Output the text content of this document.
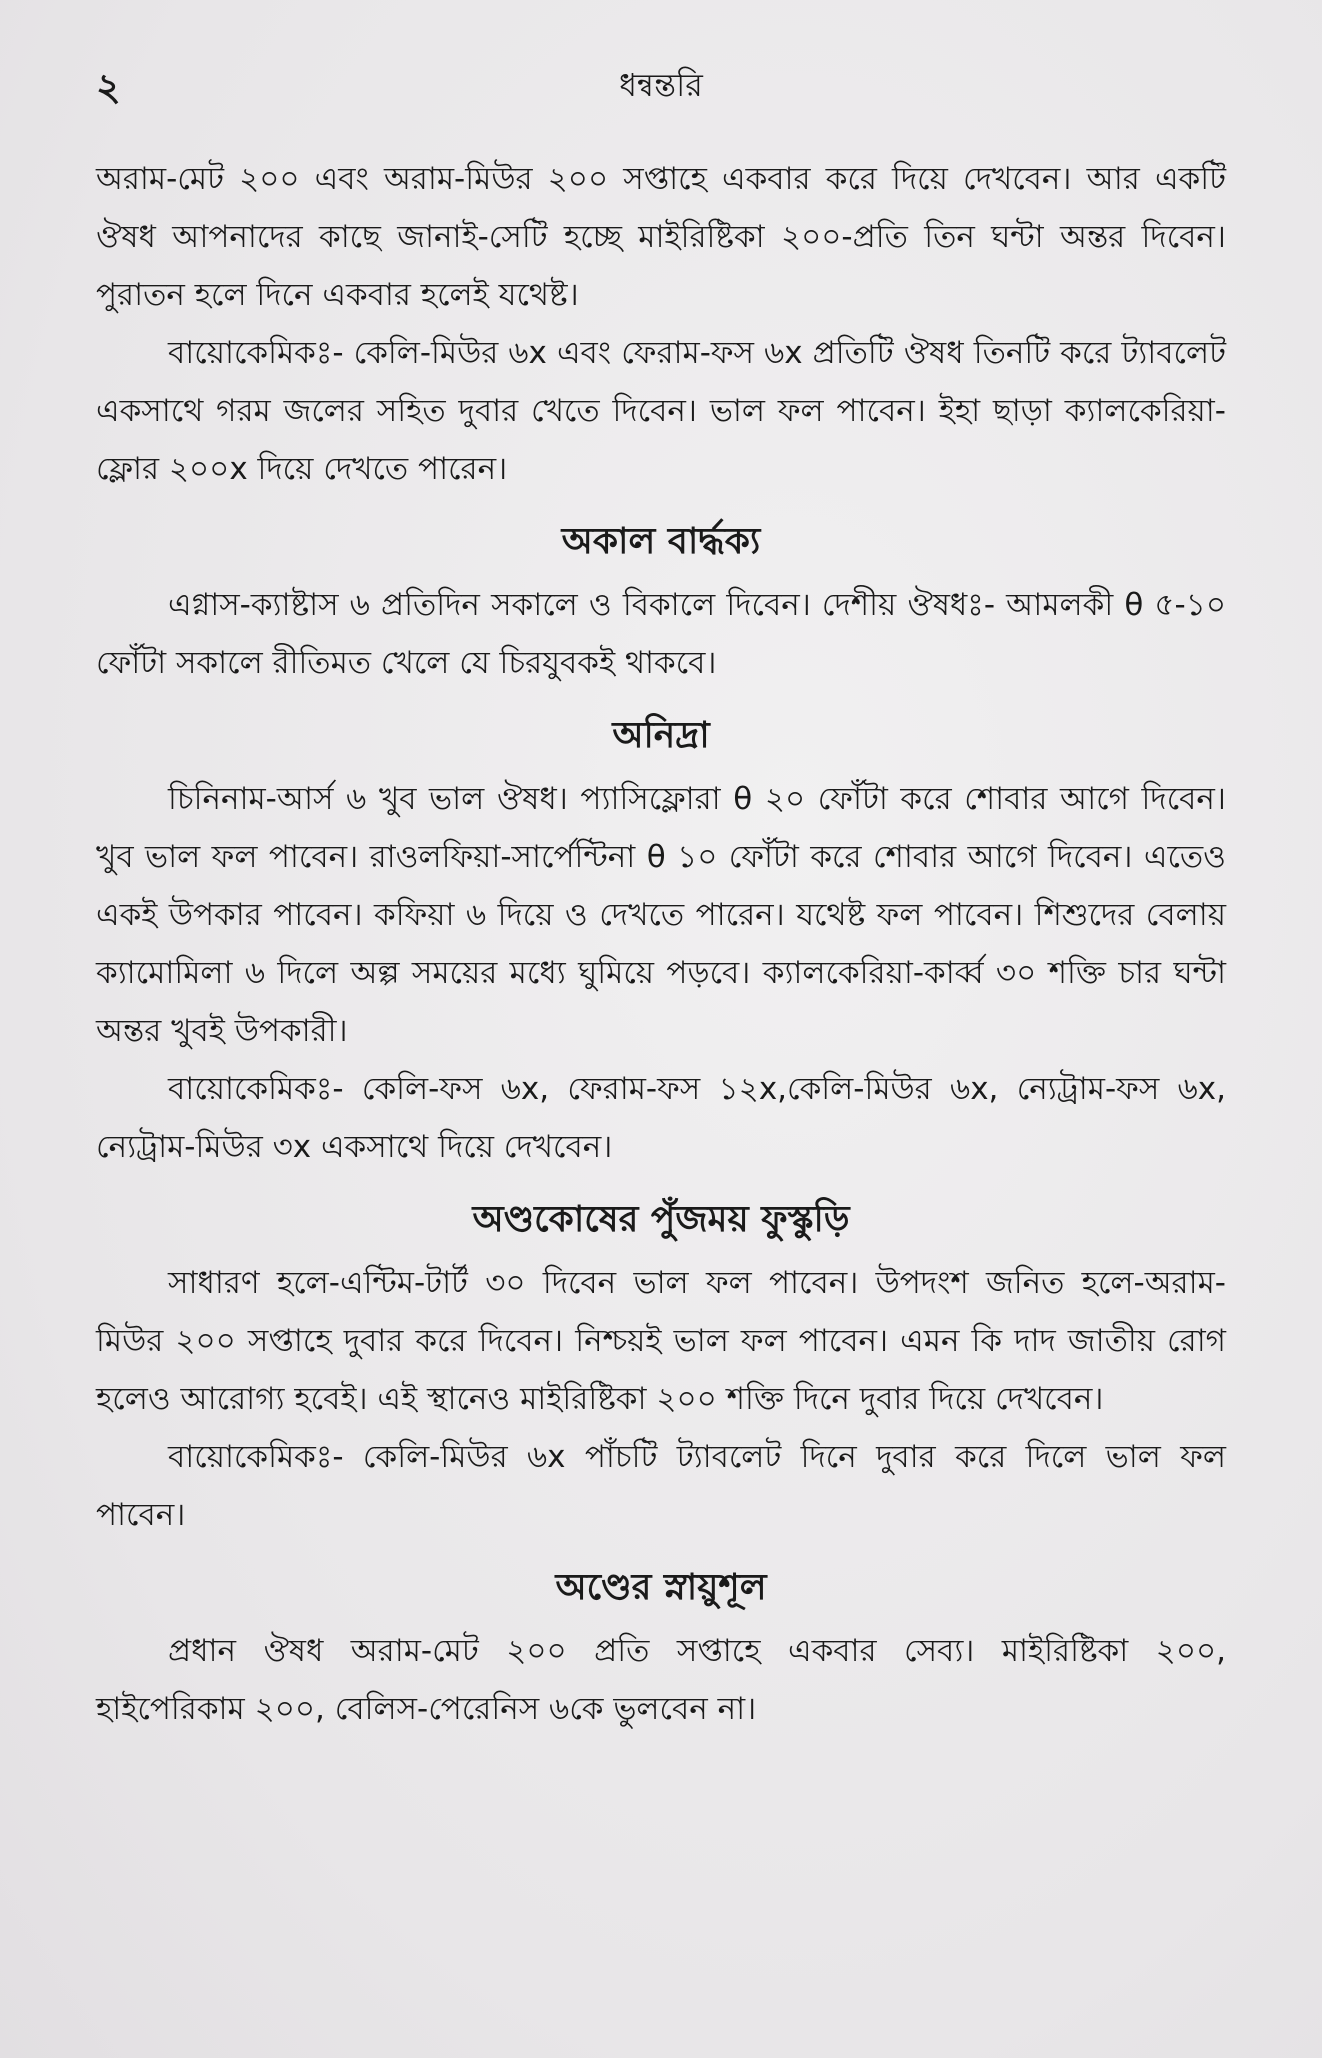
২	ধন্বন্তরি

অরাম-মেট ২০০ এবং অরাম-মিউর ২০০ সপ্তাহে একবার করে দিয়ে দেখবেন। আর একটি ঔষধ আপনাদের কাছে জানাই-সেটি হচ্ছে মাইরিষ্টিকা ২০০-প্রতি তিন ঘন্টা অন্তর দিবেন। পুরাতন হলে দিনে একবার হলেই যথেষ্ট।

বায়োকেমিকঃ- কেলি-মিউর ৬x এবং ফেরাম-ফস ৬x প্রতিটি ঔষধ তিনটি করে ট্যাবলেট একসাথে গরম জলের সহিত দুবার খেতে দিবেন। ভাল ফল পাবেন। ইহা ছাড়া ক্যালকেরিয়া-ফ্লোর ২০০x দিয়ে দেখতে পারেন।

অকাল বার্দ্ধক্য

এগ্নাস-ক্যাষ্টাস ৬ প্রতিদিন সকালে ও বিকালে দিবেন। দেশীয় ঔষধঃ- আমলকী θ ৫-১০ ফোঁটা সকালে রীতিমত খেলে যে চিরযুবকই থাকবে।

অনিদ্রা

চিনিনাম-আর্স ৬ খুব ভাল ঔষধ। প্যাসিফ্লোরা θ ২০ ফোঁটা করে শোবার আগে দিবেন। খুব ভাল ফল পাবেন। রাওলফিয়া-সার্পেন্টিনা θ ১০ ফোঁটা করে শোবার আগে দিবেন। এতেও একই উপকার পাবেন। কফিয়া ৬ দিয়ে ও দেখতে পারেন। যথেষ্ট ফল পাবেন। শিশুদের বেলায় ক্যামোমিলা ৬ দিলে অল্প সময়ের মধ্যে ঘুমিয়ে পড়বে। ক্যালকেরিয়া-কার্ব্ব ৩০ শক্তি চার ঘন্টা অন্তর খুবই উপকারী।

বায়োকেমিকঃ- কেলি-ফস ৬x, ফেরাম-ফস ১২x,কেলি-মিউর ৬x, ন্যেট্রাম-ফস ৬x, ন্যেট্রাম-মিউর ৩x একসাথে দিয়ে দেখবেন।

অণ্ডকোষের পুঁজময় ফুস্কুড়ি

সাধারণ হলে-এন্টিম-টার্ট ৩০ দিবেন ভাল ফল পাবেন। উপদংশ জনিত হলে-অরাম-মিউর ২০০ সপ্তাহে দুবার করে দিবেন। নিশ্চয়ই ভাল ফল পাবেন। এমন কি দাদ জাতীয় রোগ হলেও আরোগ্য হবেই। এই স্থানেও মাইরিষ্টিকা ২০০ শক্তি দিনে দুবার দিয়ে দেখবেন।

বায়োকেমিকঃ- কেলি-মিউর ৬x পাঁচটি ট্যাবলেট দিনে দুবার করে দিলে ভাল ফল পাবেন।

অণ্ডের স্নায়ুশূল

প্রধান ঔষধ অরাম-মেট ২০০ প্রতি সপ্তাহে একবার সেব্য। মাইরিষ্টিকা ২০০, হাইপেরিকাম ২০০, বেলিস-পেরেনিস ৬কে ভুলবেন না।
